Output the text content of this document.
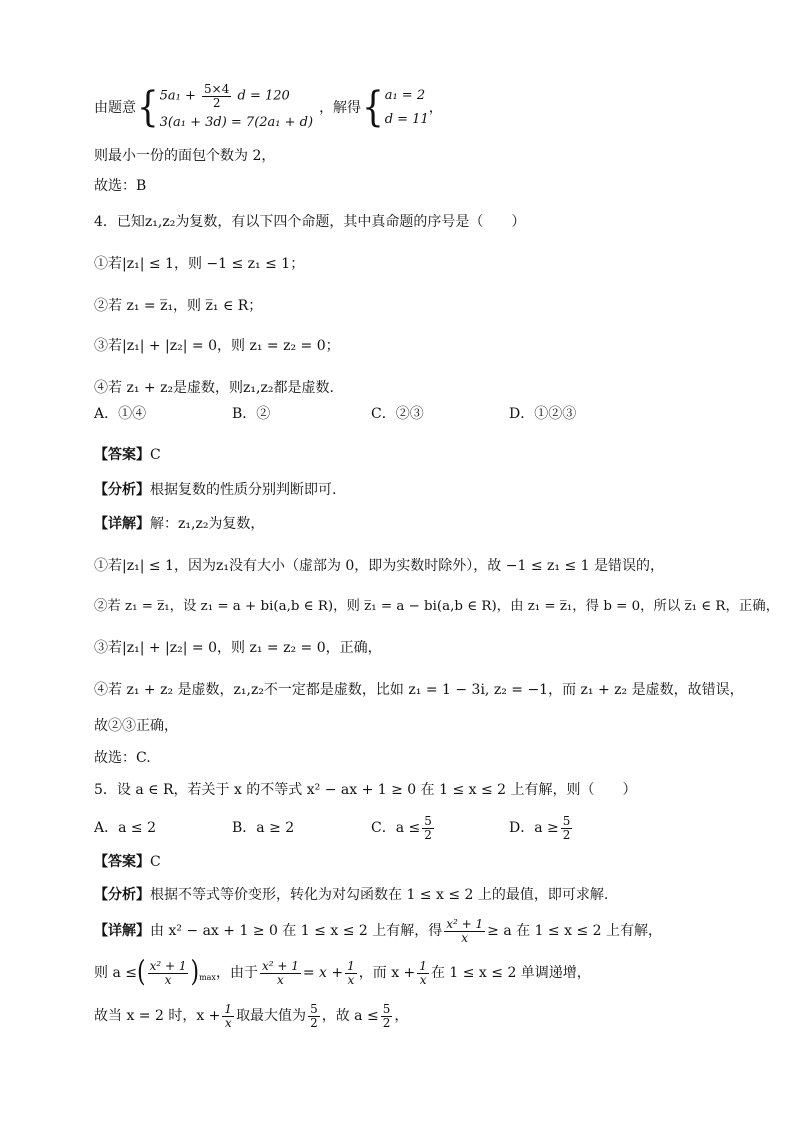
由题意 { $5a_1 + \frac{5\times 4}{2}$ d = 120
3(a₁ + 3d) = 7(2a₁ + d)
，解得 { a₁ = 2
d = 11
，
则最小一份的面包个数为 2，
故选：B
4．已知z₁,z₂为复数，有以下四个命题，其中真命题的序号是（　　）
①若|z₁| ≤ 1，则 −1 ≤ z₁ ≤ 1；
②若 z₁ = z̅₁，则 z̅₁ ∈ R；
③若|z₁| + |z₂| = 0，则 z₁ = z₂ = 0；
④若 z₁ + z₂是虚数，则z₁,z₂都是虚数.
A．①④	B．②	C．②③	D．①②③
【答案】 C
【分析】 根据复数的性质分别判断即可.
【详解】 解：z₁,z₂为复数，
①若|z₁| ≤ 1，因为z₁没有大小（虚部为 0，即为实数时除外），故 −1 ≤ z₁ ≤ 1 是错误的，
②若 z₁ = z̅₁，设 z₁ = a + bi(a,b ∈ R)，则 z̅₁ = a − bi(a,b ∈ R)，由 z₁ = z̅₁，得 b = 0，所以 z̅₁ ∈ R，正确，
③若|z₁| + |z₂| = 0，则 z₁ = z₂ = 0，正确，
④若 z₁ + z₂ 是虚数，z₁,z₂不一定都是虚数，比如 z₁ = 1 − 3i, z₂ = −1，而 z₁ + z₂ 是虚数，故错误，
故②③正确，
故选：C.
5．设 a ∈ R，若关于 x 的不等式 x² − ax + 1 ≥ 0 在 1 ≤ x ≤ 2 上有解，则（　　）
A．a ≤ 2	B．a ≥ 2	C．$a \le \frac{5}{2}$	D．$a \ge \frac{5}{2}$
【答案】 C
【分析】 根据不等式等价变形，转化为对勾函数在 1 ≤ x ≤ 2 上的最值，即可求解.
【详解】 由 x² − ax + 1 ≥ 0 在 1 ≤ x ≤ 2 上有解，得 $\frac{\text{x² + 1}}{x} \ge a$ 在 1 ≤ x ≤ 2 上有解，
则 a ≤ ( $\frac{\text{x² + 1}}{x}$ ) max ，由于 $\frac{\text{x² + 1}}{x} = x + \frac{1}{x}$ ，而 $x + \frac{1}{x}$ 在 1 ≤ x ≤ 2 单调递增，
故当 x = 2 时，$x + \frac{1}{x}$ 取最大值为 $\frac{5}{2}$ ，故 $a \le \frac{5}{2}$ ，
